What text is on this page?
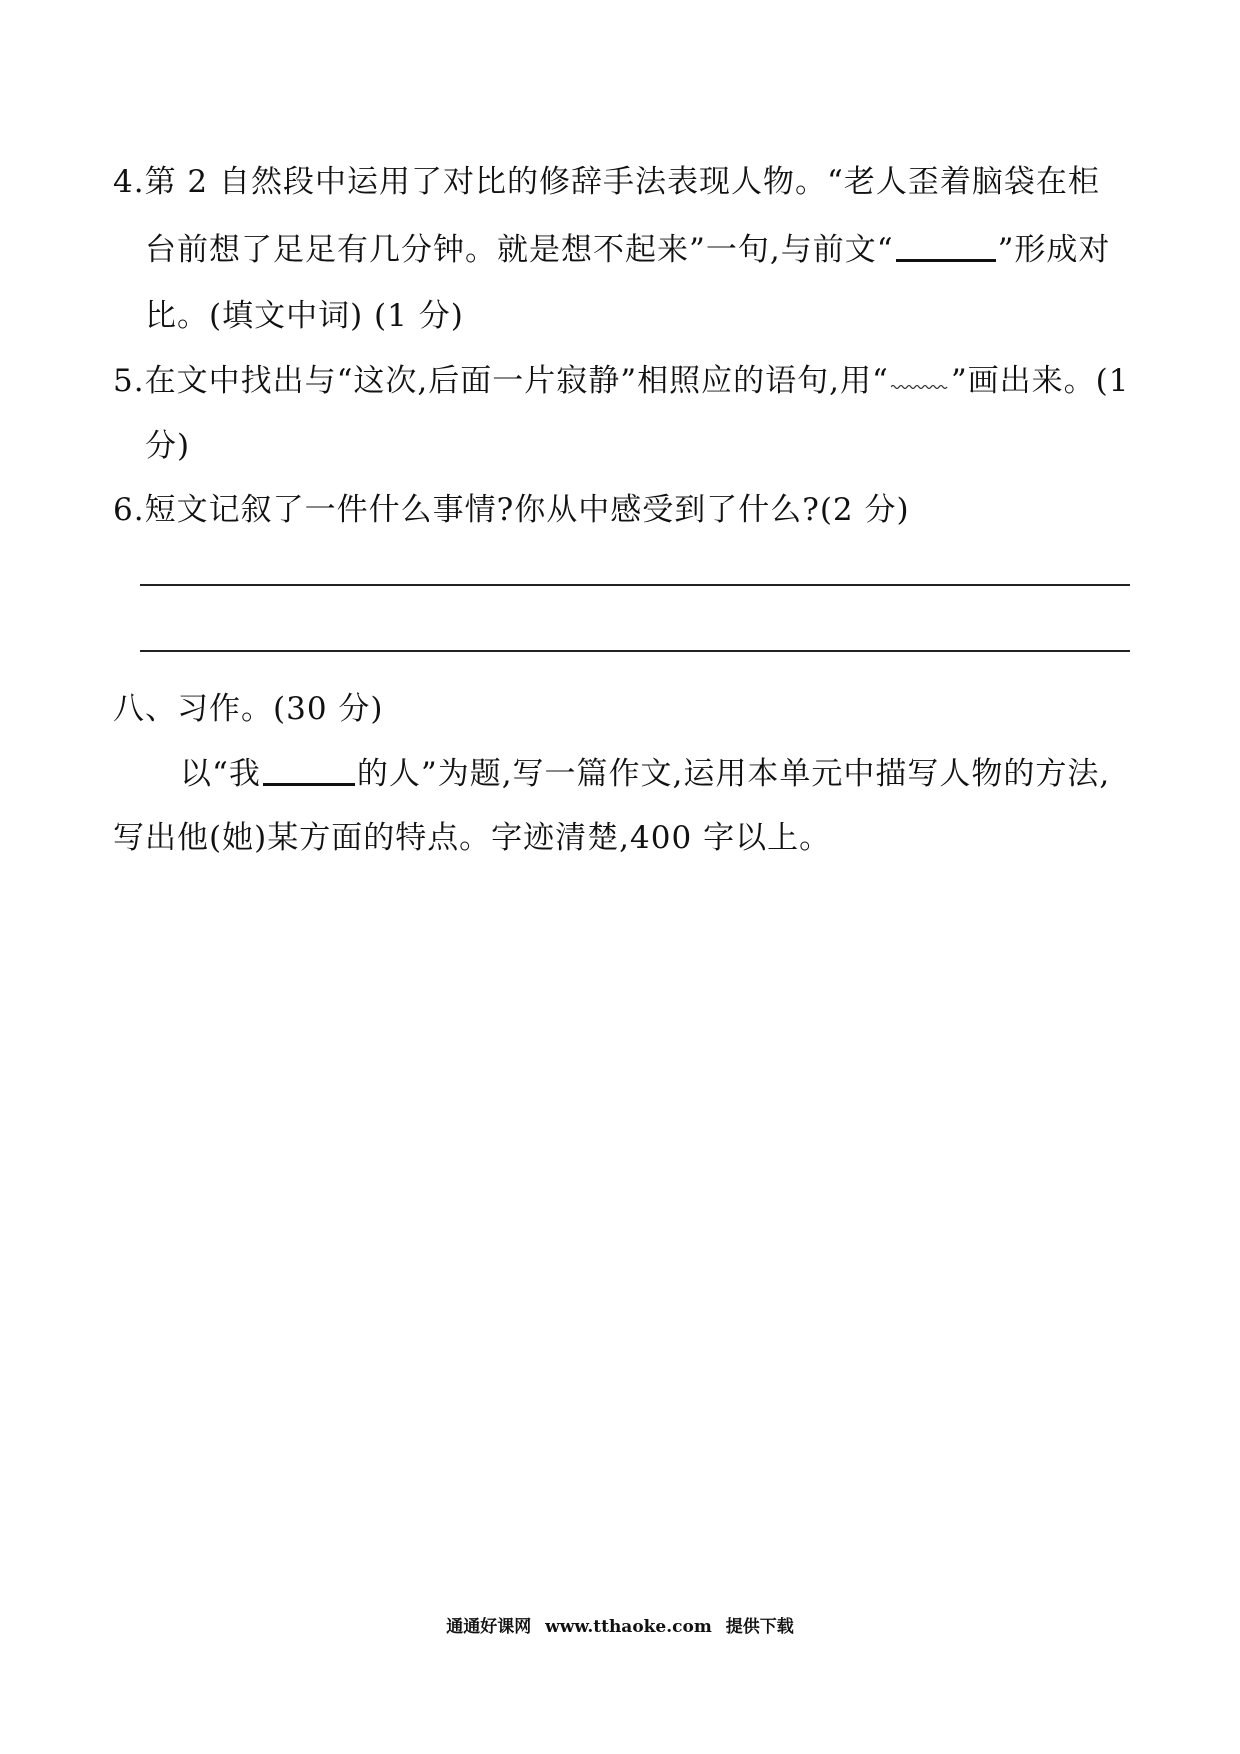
4.第 2 自然段中运用了对比的修辞手法表现人物。“老人歪着脑袋在柜
台前想了足足有几分钟。就是想不起来”一句,与前文“	”形成对
比。(填文中词) (1 分)
5.在文中找出与“这次,后面一片寂静”相照应的语句,用“ ”画出来。(1
分)
6.短文记叙了一件什么事情?你从中感受到了什么?(2 分)
八、习作。(30 分)
以“我	的人”为题,写一篇作文,运用本单元中描写人物的方法,
写出他(她)某方面的特点。字迹清楚,400 字以上。
通通好课网 www.tthaoke.com 提供下载
